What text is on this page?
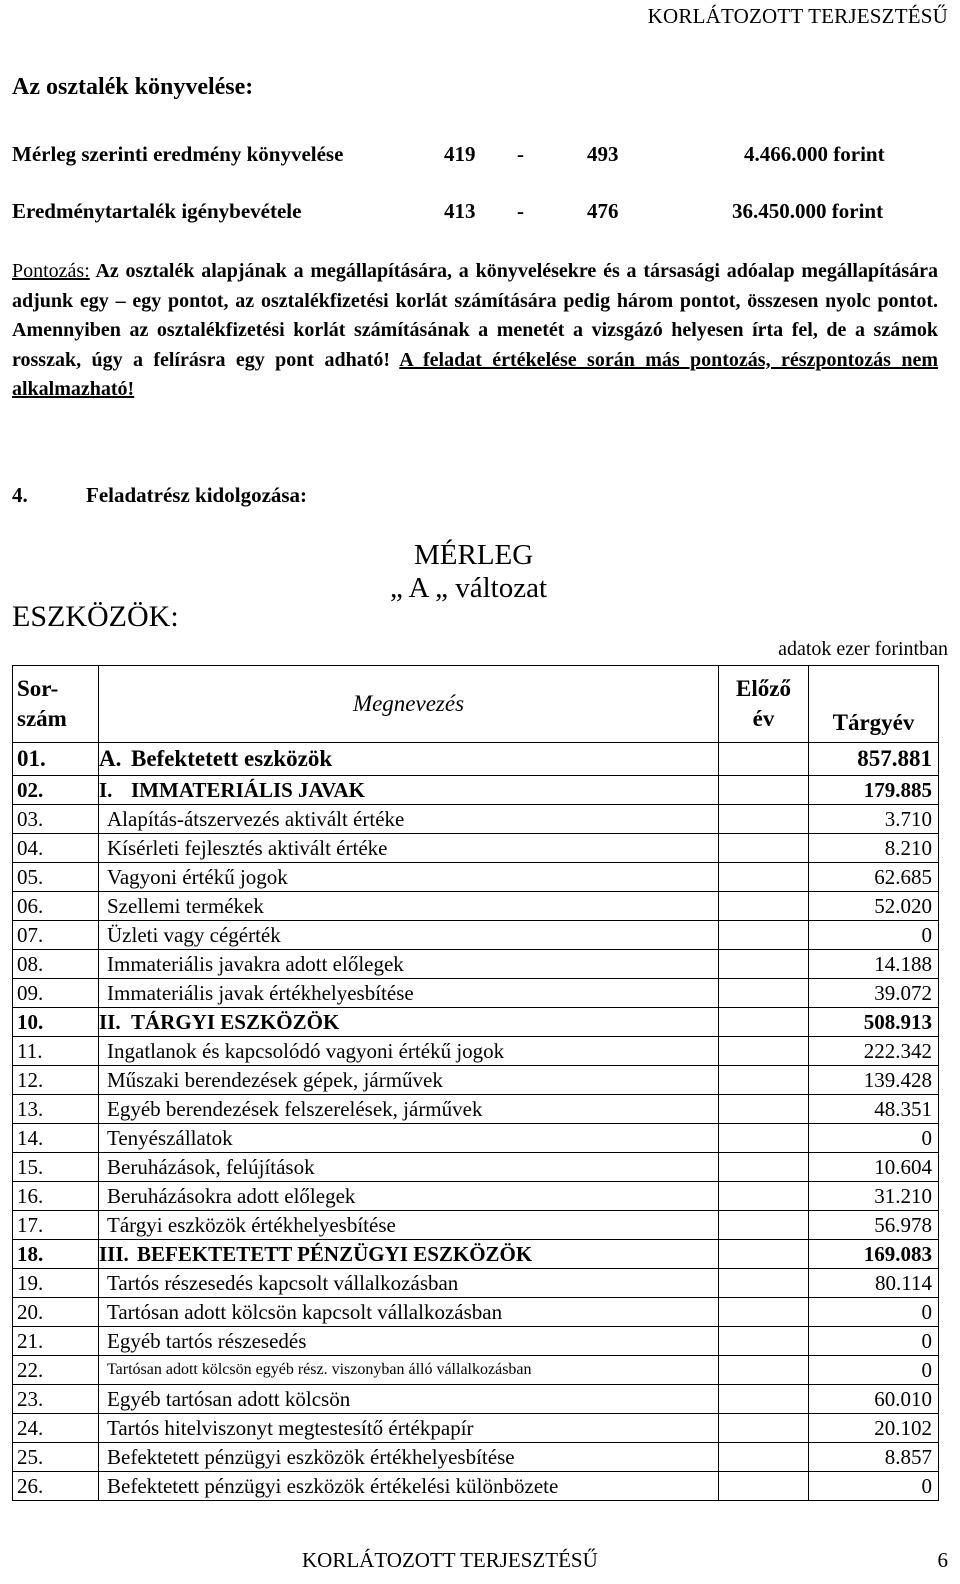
KORLÁTOZOTT TERJESZTÉSŰ
Az osztalék könyvelése:
Mérleg szerinti eredmény könyvelése	419 -	493	4.466.000 forint
Eredménytartalék igénybevétele	413 -	476	36.450.000 forint

Pontozás: Az osztalék alapjának a megállapítására, a könyvelésekre és a társasági adóalap megállapítására adjunk egy – egy pontot, az osztalékfizetési korlát számítására pedig három pontot, összesen nyolc pontot. Amennyiben az osztalékfizetési korlát számításának a menetét a vizsgázó helyesen írta fel, de a számok rosszak, úgy a felírásra egy pont adható! A feladat értékelése során más pontozás, részpontozás nem alkalmazható!

4.	Feladatrész kidolgozása:
MÉRLEG
„ A „ változat
ESZKÖZÖK:
adatok ezer forintban
Sor-
szám	Megnevezés	Előző
év	Tárgyév
01.	A. Befektetett eszközök		857.881
02.	I. IMMATERIÁLIS JAVAK		179.885
03.	Alapítás-átszervezés aktivált értéke		3.710
04.	Kísérleti fejlesztés aktivált értéke		8.210
05.	Vagyoni értékű jogok		62.685
06.	Szellemi termékek		52.020
07.	Üzleti vagy cégérték		0
08.	Immateriális javakra adott előlegek		14.188
09.	Immateriális javak értékhelyesbítése		39.072
10.	II. TÁRGYI ESZKÖZÖK		508.913
11.	Ingatlanok és kapcsolódó vagyoni értékű jogok		222.342
12.	Műszaki berendezések gépek, járművek		139.428
13.	Egyéb berendezések felszerelések, járművek		48.351
14.	Tenyészállatok		0
15.	Beruházások, felújítások		10.604
16.	Beruházásokra adott előlegek		31.210
17.	Tárgyi eszközök értékhelyesbítése		56.978
18.	III. BEFEKTETETT PÉNZÜGYI ESZKÖZÖK		169.083
19.	Tartós részesedés kapcsolt vállalkozásban		80.114
20.	Tartósan adott kölcsön kapcsolt vállalkozásban		0
21.	Egyéb tartós részesedés		0
22.	Tartósan adott kölcsön egyéb rész. viszonyban álló vállalkozásban		0
23.	Egyéb tartósan adott kölcsön		60.010
24.	Tartós hitelviszonyt megtestesítő értékpapír		20.102
25.	Befektetett pénzügyi eszközök értékhelyesbítése		8.857
26.	Befektetett pénzügyi eszközök értékelési különbözete		0
KORLÁTOZOTT TERJESZTÉSŰ	6
